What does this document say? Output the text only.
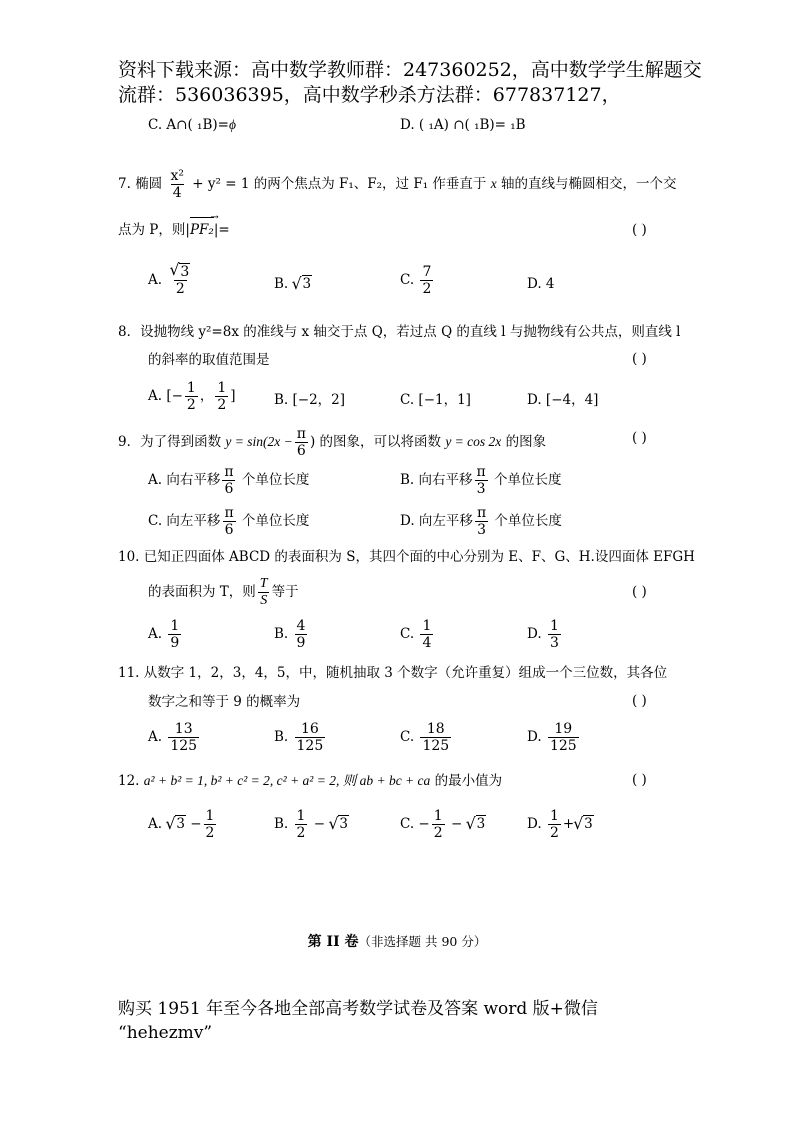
资料下载来源：高中数学教师群：247360252，高中数学学生解题交
流群：536036395，高中数学秒杀方法群：677837127，
C. A∩( ₁B)=ϕ	D. ( ₁A) ∩( ₁B)= ₁B
7. 椭圆 $\frac{\text{x²}}{4} + y^2 = 1$ 的两个焦点为 F₁、F₂，过 F₁ 作垂直于 x 轴的直线与椭圆相交，一个交
点为 P，则|PF₂ →|=	( )
A. √ $\frac{3}{2}$	B. √ 3	C. $\frac{7}{2}$	D. 4
8．设抛物线 y²=8x 的准线与 x 轴交于点 Q，若过点 Q 的直线 l 与抛物线有公共点，则直线 l
的斜率的取值范围是	( )
A. [− $\frac{1}{2}$ ， $\frac{1}{2}$ ]	B. [−2，2]	C. [−1，1]	D. [−4，4]
9．为了得到函数 $y = \sin(2x - \frac{\pi}{6}$ ) 的图象，可以将函数 y = cos 2x 的图象	( )
A. 向右平移 $\frac{\pi}{6}$ 个单位长度	B. 向右平移 $\frac{\pi}{3}$ 个单位长度
C. 向左平移 $\frac{\pi}{6}$ 个单位长度	D. 向左平移 $\frac{\pi}{3}$ 个单位长度
10. 已知正四面体 ABCD 的表面积为 S，其四个面的中心分别为 E、F、G、H.设四面体 EFGH
的表面积为 T，则 $\frac{T}{S}$ 等于	( )
A. $\frac{1}{9}$	B. $\frac{4}{9}$	C. $\frac{1}{4}$	D. $\frac{1}{3}$
11. 从数字 1，2，3，4，5，中，随机抽取 3 个数字（允许重复）组成一个三位数，其各位
数字之和等于 9 的概率为	( )
A. $\frac{13}{125}$	B. $\frac{16}{125}$	C. $\frac{18}{125}$	D. $\frac{19}{125}$
12. a² + b² = 1, b² + c² = 2, c² + a² = 2, 则 ab + bc + ca 的最小值为	( )
A. √ $3 - \frac{1}{2}$	B. $\frac{1}{2}$ − √ 3	C. − $\frac{1}{2}$ − √ 3	D. $\frac{1}{2}$ + √ 3
第 II 卷（非选择题 共 90 分）
购买 1951 年至今各地全部高考数学试卷及答案 word 版+微信
“hehezmv”
